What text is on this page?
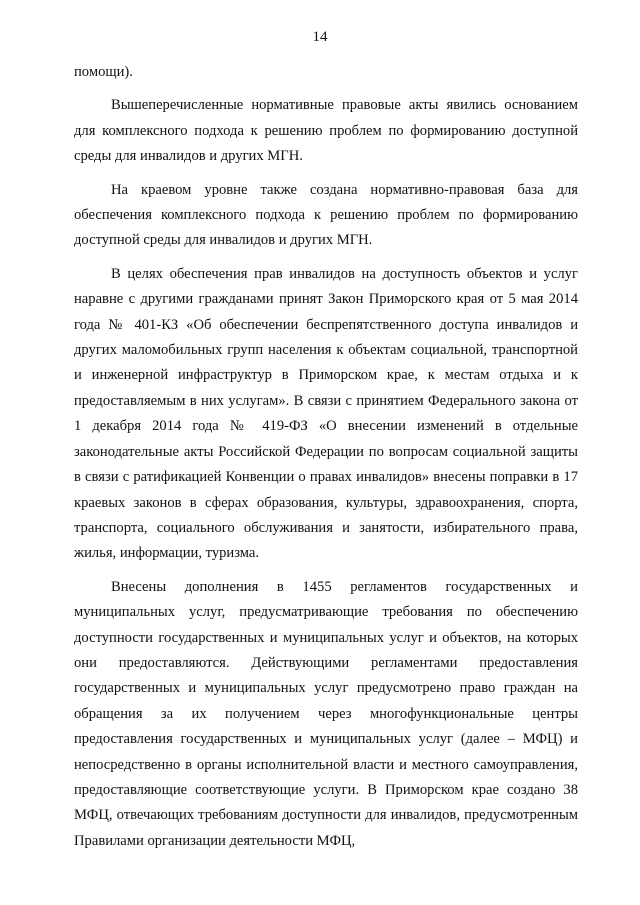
14

помощи).

Вышеперечисленные нормативные правовые акты явились основанием для комплексного подхода к решению проблем по формированию доступной среды для инвалидов и других МГН.

На краевом уровне также создана нормативно-правовая база для обеспечения комплексного подхода к решению проблем по формированию доступной среды для инвалидов и других МГН.

В целях обеспечения прав инвалидов на доступность объектов и услуг наравне с другими гражданами принят Закон Приморского края от 5 мая 2014 года № 401-КЗ «Об обеспечении беспрепятственного доступа инвалидов и других маломобильных групп населения к объектам социальной, транспортной и инженерной инфраструктур в Приморском крае, к местам отдыха и к предоставляемым в них услугам». В связи с принятием Федерального закона от 1 декабря 2014 года № 419-ФЗ «О внесении изменений в отдельные законодательные акты Российской Федерации по вопросам социальной защиты в связи с ратификацией Конвенции о правах инвалидов» внесены поправки в 17 краевых законов в сферах образования, культуры, здравоохранения, спорта, транспорта, социального обслуживания и занятости, избирательного права, жилья, информации, туризма.

Внесены дополнения в 1455 регламентов государственных и муниципальных услуг, предусматривающие требования по обеспечению доступности государственных и муниципальных услуг и объектов, на которых они предоставляются. Действующими регламентами предоставления государственных и муниципальных услуг предусмотрено право граждан на обращения за их получением через многофункциональные центры предоставления государственных и муниципальных услуг (далее – МФЦ) и непосредственно в органы исполнительной власти и местного самоуправления, предоставляющие соответствующие услуги. В Приморском крае создано 38 МФЦ, отвечающих требованиям доступности для инвалидов, предусмотренным Правилами организации деятельности МФЦ,
